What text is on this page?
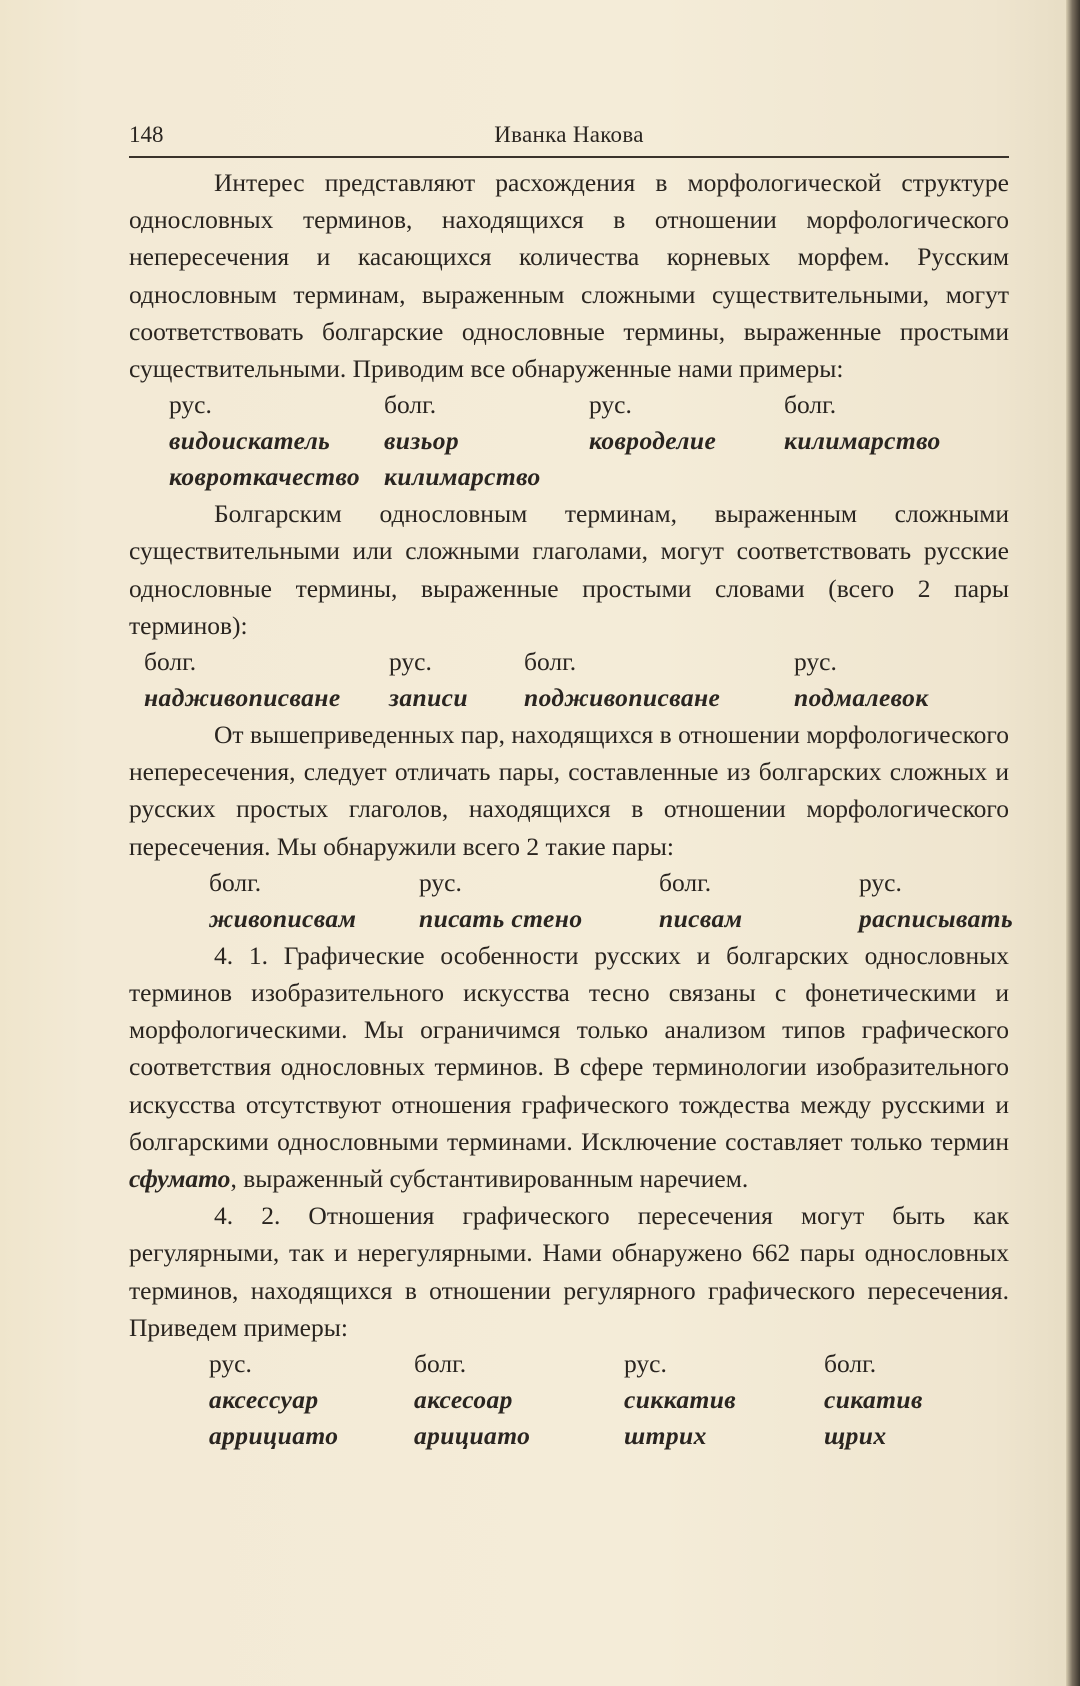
148	Иванка Накова

Интерес представляют расхождения в морфологической структуре однословных терминов, находящихся в отношении морфологического непересечения и касающихся количества корневых морфем. Русским однословным терминам, выраженным сложными существительными, могут соответствовать болгарские однословные термины, выраженные простыми существительными. Приводим все обнаруженные нами примеры:

рус.	болг.	рус.	болг.
видоискатель	визьор	ковроделие	килимарство
ковроткачество килимарство

Болгарским однословным терминам, выраженным сложными существительными или сложными глаголами, могут соответствовать русские однословные термины, выраженные простыми словами (всего 2 пары терминов):

болг.	рус.	болг.	рус.
надживописване	записи	подживописване	подмалевок

От вышеприведенных пар, находящихся в отношении морфологического непересечения, следует отличать пары, составленные из болгарских сложных и русских простых глаголов, находящихся в отношении морфологического пересечения. Мы обнаружили всего 2 такие пары:

болг.	рус.	болг.	рус.
живописвам	писать стено	писвам	расписывать

4. 1. Графические особенности русских и болгарских однословных терминов изобразительного искусства тесно связаны с фонетическими и морфологическими. Мы ограничимся только анализом типов графического соответствия однословных терминов. В сфере терминологии изобразительного искусства отсутствуют отношения графического тождества между русскими и болгарскими однословными терминами. Исключение составляет только термин сфумато, выраженный субстантивированным наречием.

4. 2. Отношения графического пересечения могут быть как регулярными, так и нерегулярными. Нами обнаружено 662 пары однословных терминов, находящихся в отношении регулярного графического пересечения. Приведем примеры:

рус.	болг.	рус.	болг.
аксессуар	аксесоар	сиккатив	сикатив
аррициато	арициато	штрих	щрих
